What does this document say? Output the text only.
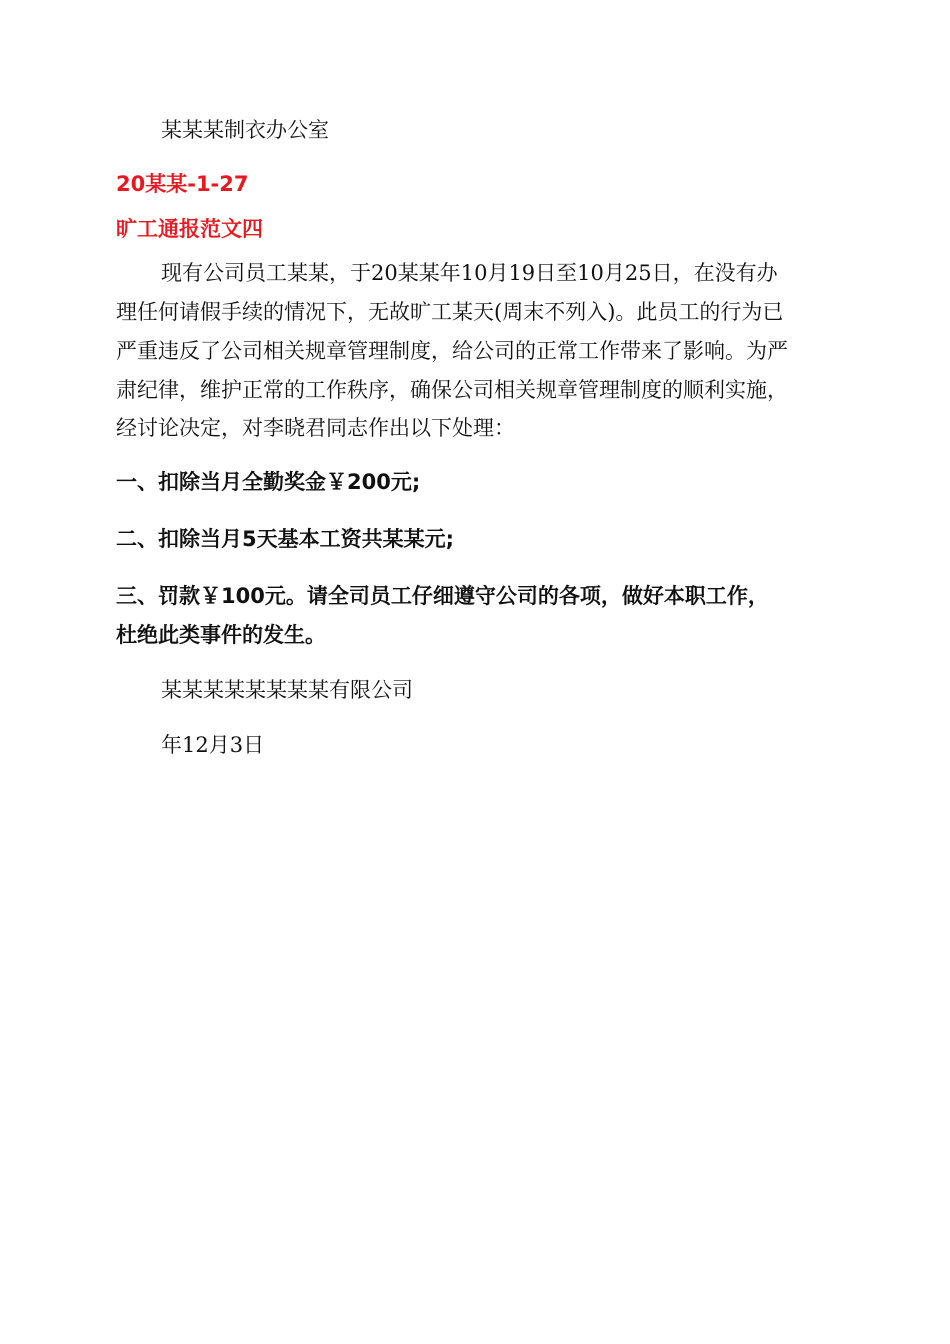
某某某制衣办公室
20某某-1-27
旷工通报范文四
现有公司员工某某，于20某某年10月19日至10月25日，在没有办
理任何请假手续的情况下，无故旷工某天(周末不列入)。此员工的行为已
严重违反了公司相关规章管理制度，给公司的正常工作带来了影响。为严
肃纪律，维护正常的工作秩序，确保公司相关规章管理制度的顺利实施，
经讨论决定，对李晓君同志作出以下处理：
一、扣除当月全勤奖金￥200元;
二、扣除当月5天基本工资共某某元;
三、罚款￥100元。请全司员工仔细遵守公司的各项，做好本职工作，
杜绝此类事件的发生。
某某某某某某某某有限公司
年12月3日
